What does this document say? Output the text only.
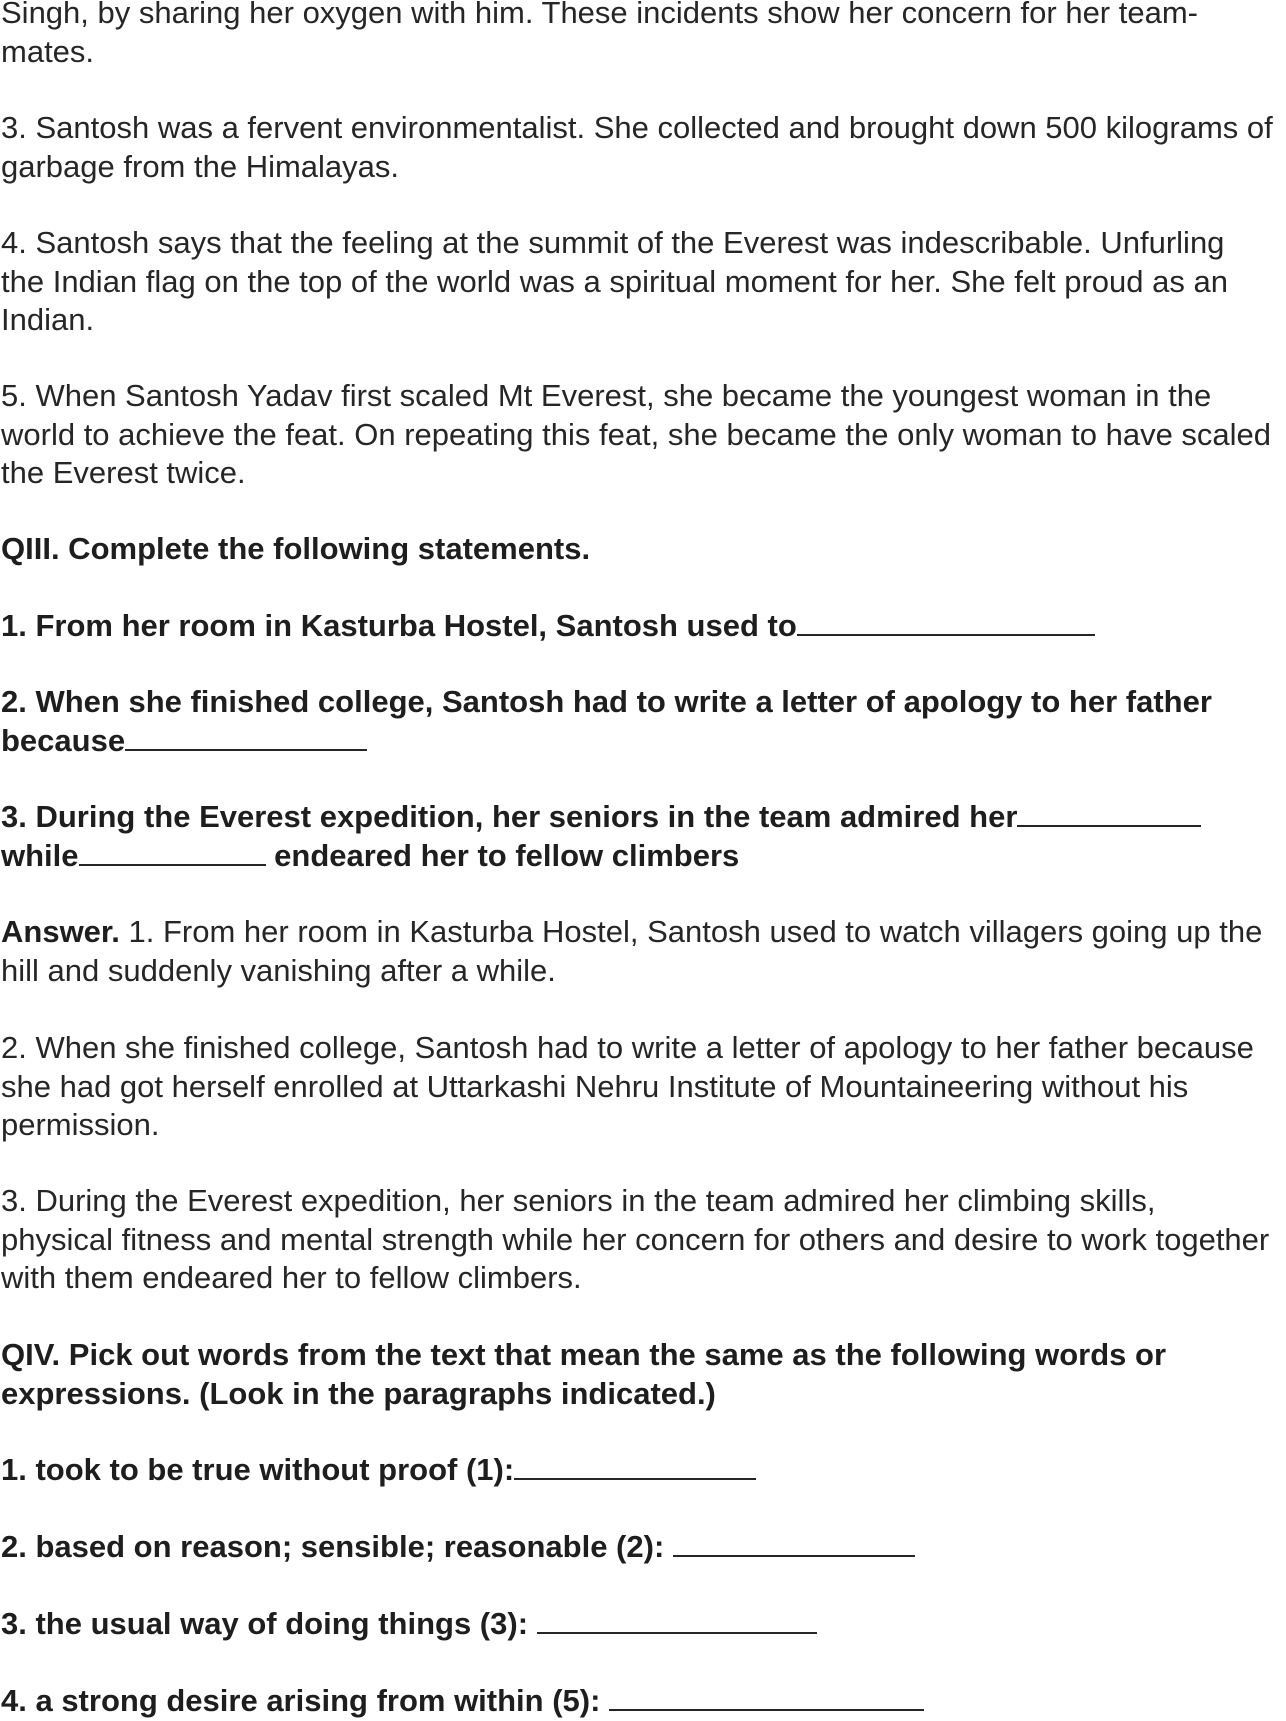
Singh, by sharing her oxygen with him. These incidents show her concern for her team-mates.

3. Santosh was a fervent environmentalist. She collected and brought down 500 kilograms of garbage from the Himalayas.

4. Santosh says that the feeling at the summit of the Everest was indescribable. Unfurling the Indian flag on the top of the world was a spiritual moment for her. She felt proud as an Indian.

5. When Santosh Yadav first scaled Mt Everest, she became the youngest woman in the world to achieve the feat. On repeating this feat, she became the only woman to have scaled the Everest twice.

QIII. Complete the following statements.

1. From her room in Kasturba Hostel, Santosh used to

2. When she finished college, Santosh had to write a letter of apology to her father because

3. During the Everest expedition, her seniors in the team admired her
while	endeared her to fellow climbers

Answer. 1. From her room in Kasturba Hostel, Santosh used to watch villagers going up the hill and suddenly vanishing after a while.

2. When she finished college, Santosh had to write a letter of apology to her father because she had got herself enrolled at Uttarkashi Nehru Institute of Mountaineering without his permission.

3. During the Everest expedition, her seniors in the team admired her climbing skills, physical fitness and mental strength while her concern for others and desire to work together with them endeared her to fellow climbers.

QIV. Pick out words from the text that mean the same as the following words or expressions. (Look in the paragraphs indicated.)

1. took to be true without proof (1):

2. based on reason; sensible; reasonable (2):

3. the usual way of doing things (3):

4. a strong desire arising from within (5):
